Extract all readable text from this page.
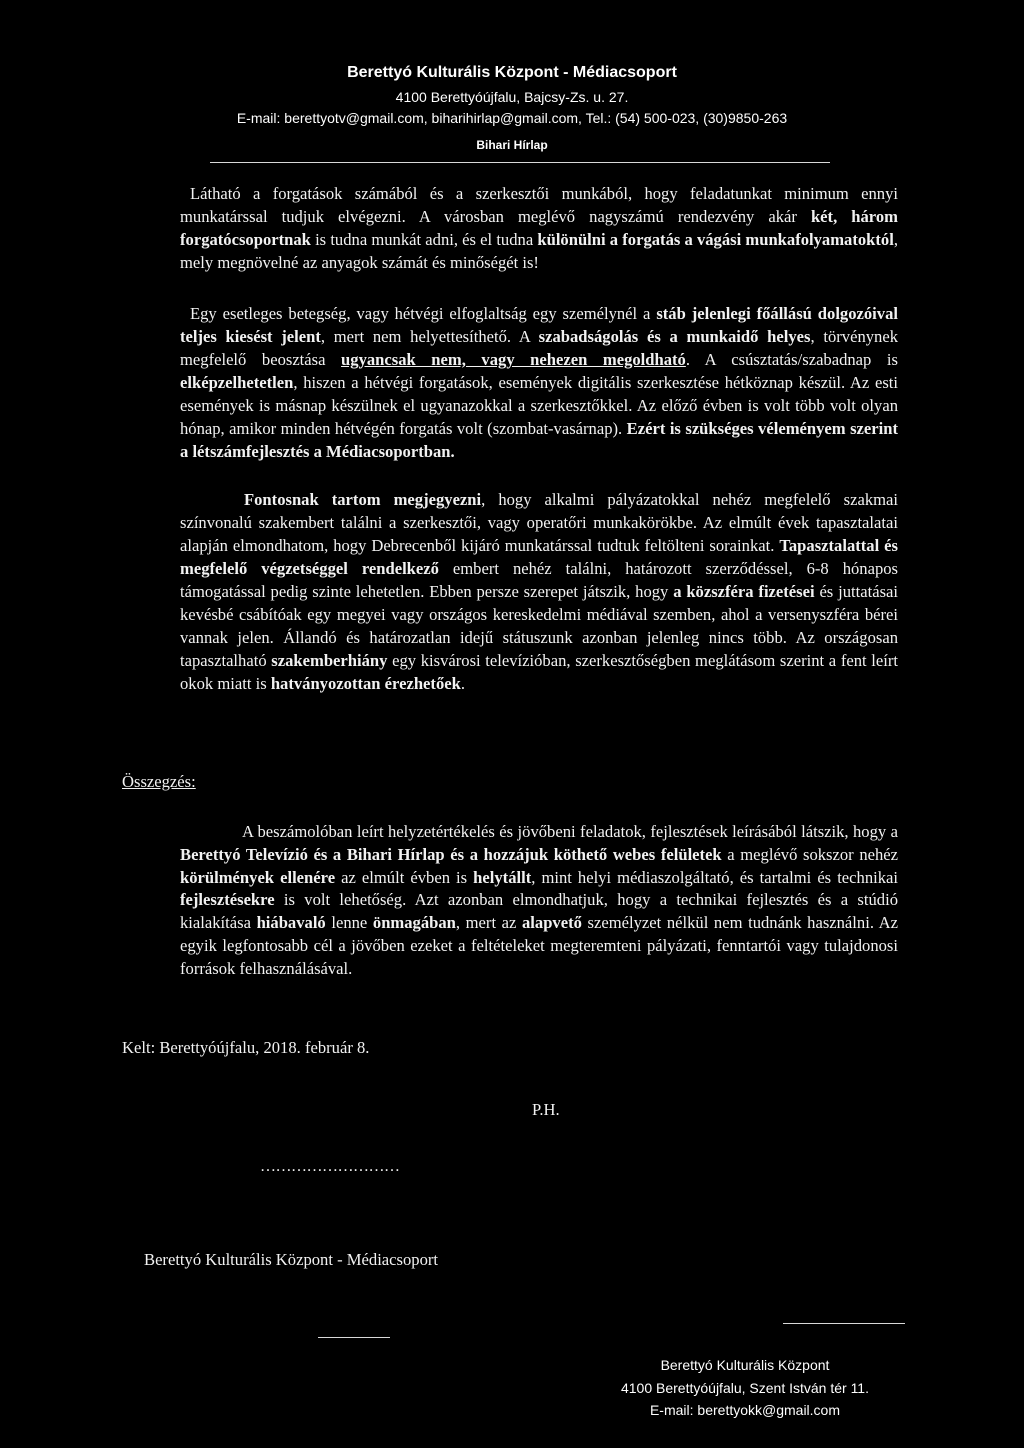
Berettyó Kulturális Központ - Médiacsoport
4100 Berettyóújfalu, Bajcsy-Zs. u. 27.
E-mail: berettyotv@gmail.com, biharihirlap@gmail.com, Tel.: (54) 500-023, (30)9850-263
Bihari Hírlap
Látható a forgatások számából és a szerkesztői munkából, hogy feladatunkat minimum ennyi munkatárssal tudjuk elvégezni. A városban meglévő nagyszámú rendezvény akár két, három forgatócsoportnak is tudna munkát adni, és el tudna különülni a forgatás a vágási munkafolyamatoktól, mely megnövelné az anyagok számát és minőségét is!
Egy esetleges betegség, vagy hétvégi elfoglaltság egy személynél a stáb jelenlegi főállású dolgozóival teljes kiesést jelent, mert nem helyettesíthető. A szabadságolás és a munkaidő helyes, törvénynek megfelelő beosztása ugyancsak nem, vagy nehezen megoldható. A csúsztatás/szabadnap is elképzelhetetlen, hiszen a hétvégi forgatások, események digitális szerkesztése hétköznap készül. Az esti események is másnap készülnek el ugyanazokkal a szerkesztőkkel. Az előző évben is volt több volt olyan hónap, amikor minden hétvégén forgatás volt (szombat-vasárnap). Ezért is szükséges véleményem szerint a létszámfejlesztés a Médiacsoportban.
Fontosnak tartom megjegyezni, hogy alkalmi pályázatokkal nehéz megfelelő szakmai színvonalú szakembert találni a szerkesztői, vagy operatőri munkakörökbe. Az elmúlt évek tapasztalatai alapján elmondhatom, hogy Debrecenből kijáró munkatárssal tudtuk feltölteni sorainkat. Tapasztalattal és megfelelő végzetséggel rendelkező embert nehéz találni, határozott szerződéssel, 6-8 hónapos támogatással pedig szinte lehetetlen. Ebben persze szerepet játszik, hogy a közszféra fizetései és juttatásai kevésbé csábítóak egy megyei vagy országos kereskedelmi médiával szemben, ahol a versenyszféra bérei vannak jelen. Állandó és határozatlan idejű státuszunk azonban jelenleg nincs több. Az országosan tapasztalható szakemberhiány egy kisvárosi televízióban, szerkesztőségben meglátásom szerint a fent leírt okok miatt is hatványozottan érezhetőek.
Összegzés:
A beszámolóban leírt helyzetértékelés és jövőbeni feladatok, fejlesztések leírásából látszik, hogy a Berettyó Televízió és a Bihari Hírlap és a hozzájuk köthető webes felületek a meglévő sokszor nehéz körülmények ellenére az elmúlt évben is helytállt, mint helyi médiaszolgáltató, és tartalmi és technikai fejlesztésekre is volt lehetőség. Azt azonban elmondhatjuk, hogy a technikai fejlesztés és a stúdió kialakítása hiábavaló lenne önmagában, mert az alapvető személyzet nélkül nem tudnánk használni. Az egyik legfontosabb cél a jövőben ezeket a feltételeket megteremteni pályázati, fenntartói vagy tulajdonosi források felhasználásával.
Kelt: Berettyóújfalu, 2018. február 8.
P.H.
………………………
Berettyó Kulturális Központ - Médiacsoport
Berettyó Kulturális Központ
4100 Berettyóújfalu, Szent István tér 11.
E-mail: berettyokk@gmail.com
